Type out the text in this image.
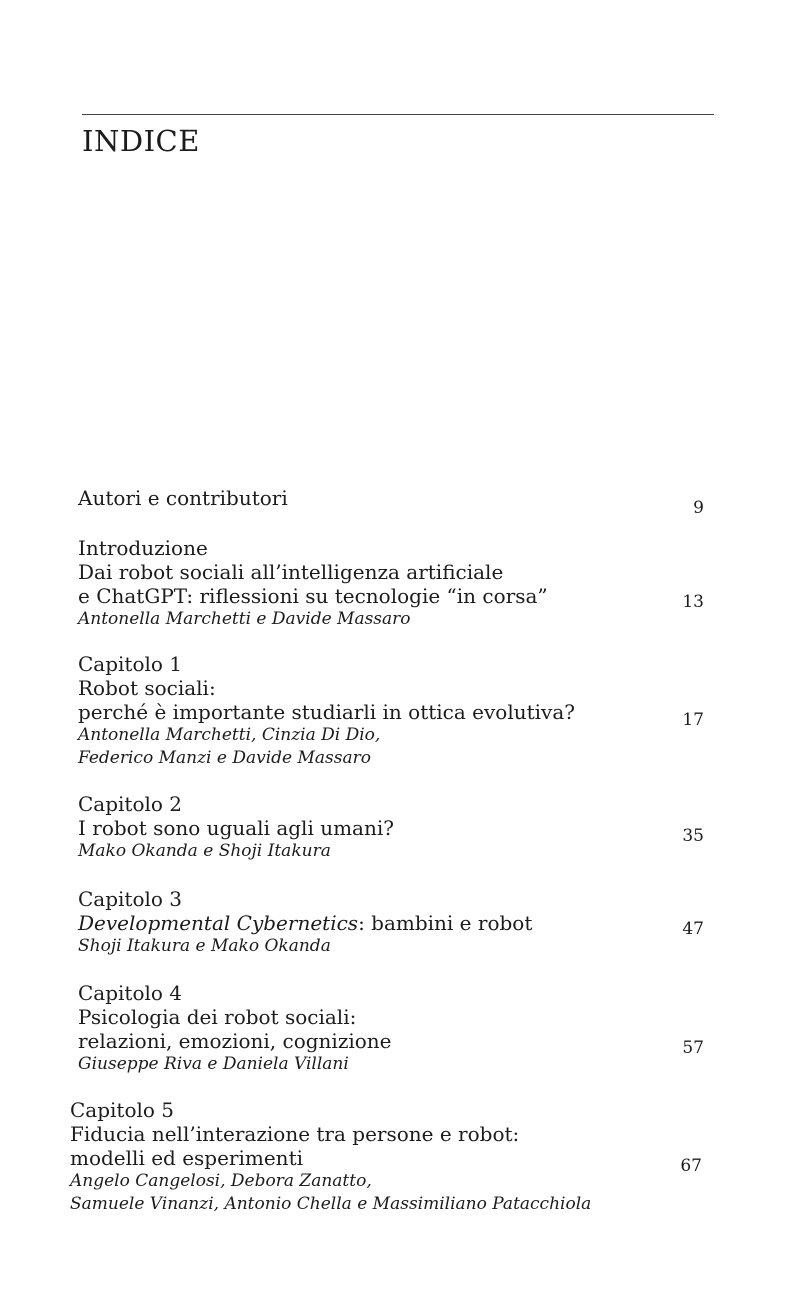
INDICE
Autori e contributori	9
Introduzione
Dai robot sociali all’intelligenza artificiale
e ChatGPT: riflessioni su tecnologie “in corsa”
Antonella Marchetti e Davide Massaro
13
Capitolo 1
Robot sociali:
perché è importante studiarli in ottica evolutiva?
Antonella Marchetti, Cinzia Di Dio,
Federico Manzi e Davide Massaro
17
Capitolo 2
I robot sono uguali agli umani?
Mako Okanda e Shoji Itakura
35
Capitolo 3
Developmental Cybernetics: bambini e robot
Shoji Itakura e Mako Okanda
47
Capitolo 4
Psicologia dei robot sociali:
relazioni, emozioni, cognizione
Giuseppe Riva e Daniela Villani
57
Capitolo 5
Fiducia nell’interazione tra persone e robot:
modelli ed esperimenti
Angelo Cangelosi, Debora Zanatto,
Samuele Vinanzi, Antonio Chella e Massimiliano Patacchiola
67
